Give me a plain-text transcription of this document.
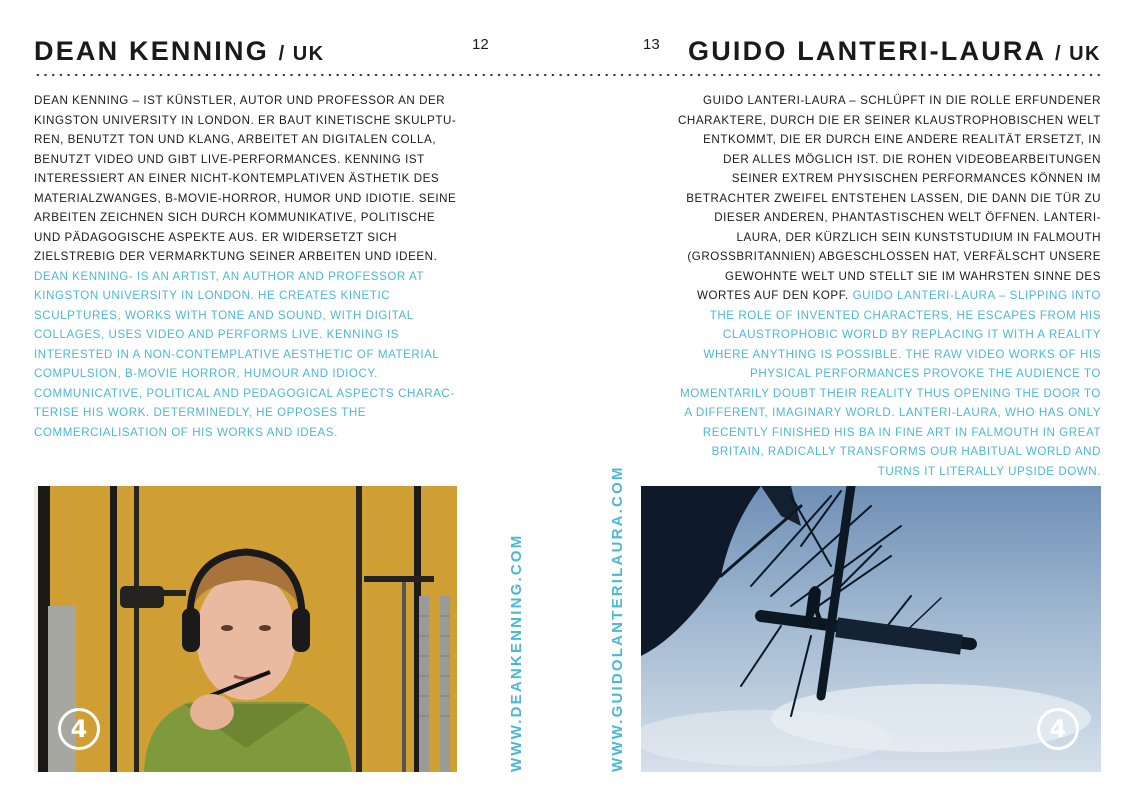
DEAN KENNING / UK	12	13 GUIDO LANTERI-LAURA / UK
DEAN KENNING – IST KÜNSTLER, AUTOR UND PROFESSOR AN DER KINGSTON UNIVERSITY IN LONDON. ER BAUT KINETISCHE SKULPTUREN, BENUTZT TON UND KLANG, ARBEITET AN DIGITALEN COLLA, BENUTZT VIDEO UND GIBT LIVE-PERFORMANCES. KENNING IST INTERESSIERT AN EINER NICHT-KONTEMPLATIVEN ÄSTHETIK DES MATERIALZWANGES, B-MOVIE-HORROR, HUMOR UND IDIOTIE. SEINE ARBEITEN ZEICHNEN SICH DURCH KOMMUNIKATIVE, POLITISCHE UND PÄDAGOGISCHE ASPEKTE AUS. ER WIDERSETZT SICH ZIELSTREBIG DER VERMARKTUNG SEINER ARBEITEN UND IDEEN. DEAN KENNING- IS AN ARTIST, AN AUTHOR AND PROFESSOR AT KINGSTON UNIVERSITY IN LONDON. HE CREATES KINETIC SCULPTURES, WORKS WITH TONE AND SOUND, WITH DIGITAL COLLAGES, USES VIDEO AND PERFORMS LIVE. KENNING IS INTERESTED IN A NON-CONTEMPLATIVE AESTHETIC OF MATERIAL COMPULSION, B-MOVIE HORROR, HUMOUR AND IDIOCY. COMMUNICATIVE, POLITICAL AND PEDAGOGICAL ASPECTS CHARACTERISE HIS WORK. DETERMINEDLY, HE OPPOSES THE COMMERCIALISATION OF HIS WORKS AND IDEAS.
GUIDO LANTERI-LAURA – SCHLÜPFT IN DIE ROLLE ERFUNDENER CHARAKTERE, DURCH DIE ER SEINER KLAUSTROPHOBISCHEN WELT ENTKOMMT, DIE ER DURCH EINE ANDERE REALITÄT ERSETZT, IN DER ALLES MÖGLICH IST. DIE ROHEN VIDEOBEARBEITUNGEN SEINER EXTREM PHYSISCHEN PERFORMANCES KÖNNEN IM BETRACHTER ZWEIFEL ENTSTEHEN LASSEN, DIE DANN DIE TÜR ZU DIESER ANDEREN, PHANTASTISCHEN WELT ÖFFNEN. LANTERI-LAURA, DER KÜRZLICH SEIN KUNSTSTUDIUM IN FALMOUTH (GROSSBRITANNIEN) ABGESCHLOSSEN HAT, VERFÄLSCHT UNSERE GEWOHNTE WELT UND STELLT SIE IM WAHRSTEN SINNE DES WORTES AUF DEN KOPF. GUIDO LANTERI-LAURA – SLIPPING INTO THE ROLE OF INVENTED CHARACTERS, HE ESCAPES FROM HIS CLAUSTROPHOBIC WORLD BY REPLACING IT WITH A REALITY WHERE ANYTHING IS POSSIBLE. THE RAW VIDEO WORKS OF HIS PHYSICAL PERFORMANCES PROVOKE THE AUDIENCE TO MOMENTARILY DOUBT THEIR REALITY THUS OPENING THE DOOR TO A DIFFERENT, IMAGINARY WORLD. LANTERI-LAURA, WHO HAS ONLY RECENTLY FINISHED HIS BA IN FINE ART IN FALMOUTH IN GREAT BRITAIN, RADICALLY TRANSFORMS OUR HABITUAL WORLD AND TURNS IT LITERALLY UPSIDE DOWN.
4	WWW.DEANKENNING.COM	WWW.GUIDOLANTERILAURA.COM	4
